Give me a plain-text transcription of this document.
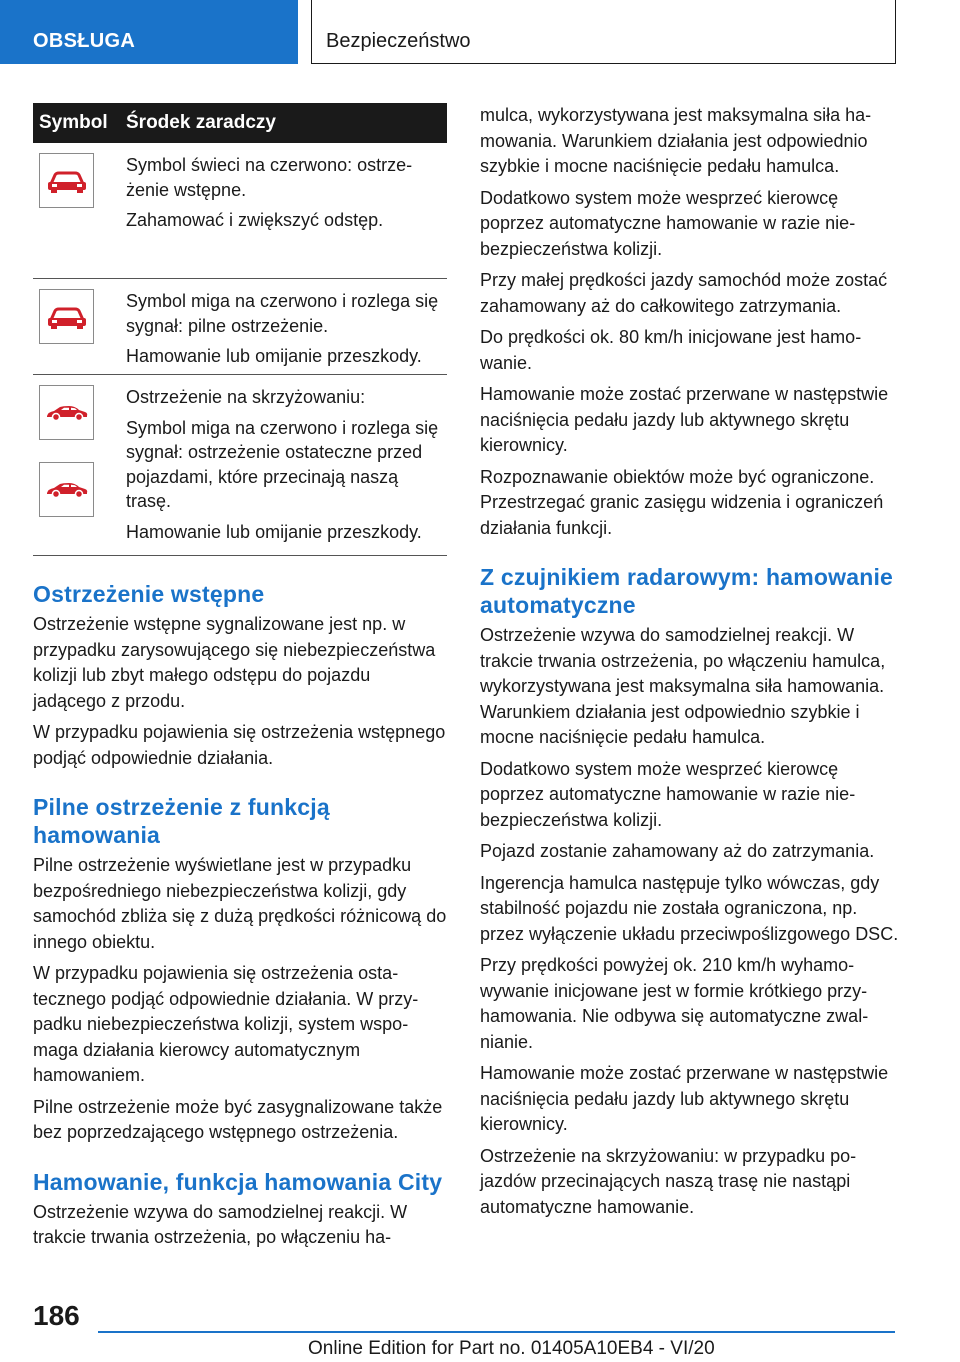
OBSŁUGA	Bezpieczeństwo
Symbol Środek zaradczy

Symbol świeci na czerwono: ostrzeżenie wstępne.

Zahamować i zwiększyć odstęp.

Symbol miga na czerwono i rozlega się sygnał: pilne ostrzeżenie.

Hamowanie lub omijanie przeszkody.

Ostrzeżenie na skrzyżowaniu:

Symbol miga na czerwono i rozlega się sygnał: ostrzeżenie ostateczne przed pojazdami, które przecinają naszą trasę.

Hamowanie lub omijanie przeszkody.

Ostrzeżenie wstępne

Ostrzeżenie wstępne sygnalizowane jest np. w przypadku zarysowującego się niebezpieczeństwa kolizji lub zbyt małego odstępu do pojazdu jadącego z przodu.

W przypadku pojawienia się ostrzeżenia wstępnego podjąć odpowiednie działania.

Pilne ostrzeżenie z funkcją hamowania

Pilne ostrzeżenie wyświetlane jest w przypadku bezpośredniego niebezpieczeństwa kolizji, gdy samochód zbliża się z dużą prędkości różnicową do innego obiektu.

W przypadku pojawienia się ostrzeżenia ostatecznego podjąć odpowiednie działania. W przypadku niebezpieczeństwa kolizji, system wspomaga działania kierowcy automatycznym hamowaniem.

Pilne ostrzeżenie może być zasygnalizowane także bez poprzedzającego wstępnego ostrzeżenia.

Hamowanie, funkcja hamowania City

Ostrzeżenie wzywa do samodzielnej reakcji. W trakcie trwania ostrzeżenia, po włączeniu ha-

mulca, wykorzystywana jest maksymalna siła hamowania. Warunkiem działania jest odpowiednio szybkie i mocne naciśnięcie pedału hamulca.

Dodatkowo system może wesprzeć kierowcę poprzez automatyczne hamowanie w razie niebezpieczeństwa kolizji.

Przy małej prędkości jazdy samochód może zostać zahamowany aż do całkowitego zatrzymania.

Do prędkości ok. 80 km/h inicjowane jest hamowanie.

Hamowanie może zostać przerwane w następstwie naciśnięcia pedału jazdy lub aktywnego skrętu kierownicy.

Rozpoznawanie obiektów może być ograniczone. Przestrzegać granic zasięgu widzenia i ograniczeń działania funkcji.

Z czujnikiem radarowym: hamowanie automatyczne

Ostrzeżenie wzywa do samodzielnej reakcji. W trakcie trwania ostrzeżenia, po włączeniu hamulca, wykorzystywana jest maksymalna siła hamowania. Warunkiem działania jest odpowiednio szybkie i mocne naciśnięcie pedału hamulca.

Dodatkowo system może wesprzeć kierowcę poprzez automatyczne hamowanie w razie niebezpieczeństwa kolizji.

Pojazd zostanie zahamowany aż do zatrzymania.

Ingerencja hamulca następuje tylko wówczas, gdy stabilność pojazdu nie została ograniczona, np. przez wyłączenie układu przeciwpoślizgowego DSC.

Przy prędkości powyżej ok. 210 km/h wyhamowywanie inicjowane jest w formie krótkiego przyhamowania. Nie odbywa się automatyczne zwalnianie.

Hamowanie może zostać przerwane w następstwie naciśnięcia pedału jazdy lub aktywnego skrętu kierownicy.

Ostrzeżenie na skrzyżowaniu: w przypadku pojazdów przecinających naszą trasę nie nastąpi automatyczne hamowanie.

186
Online Edition for Part no. 01405A10EB4 - VI/20
